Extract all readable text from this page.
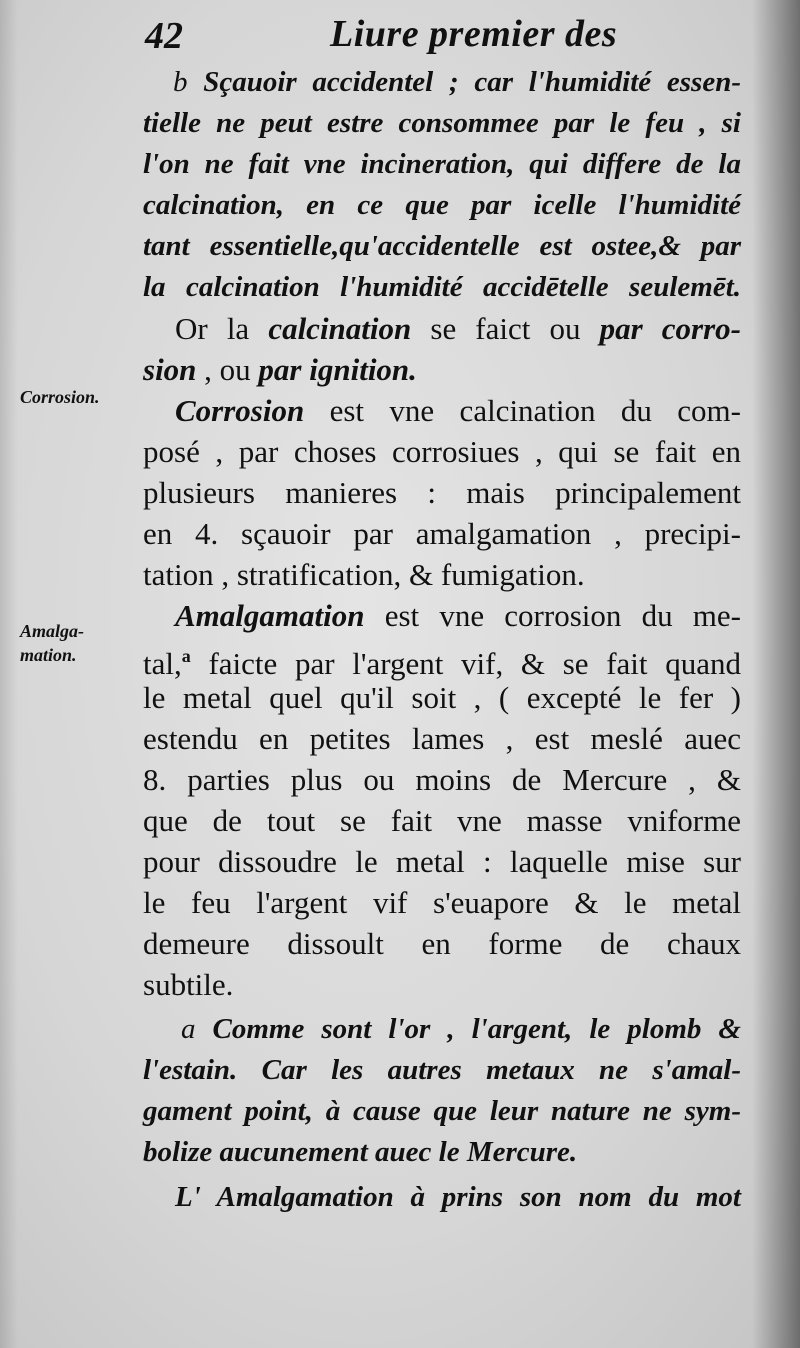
42	Liure premier des
Corrosion.
Amalga-
mation.
b Sçauoir accidentel ; car l'humidité essen-
tielle ne peut estre consommee par le feu , si
l'on ne fait vne incineration, qui differe de la
calcination, en ce que par icelle l'humidité
tant essentielle,qu'accidentelle est ostee,& par
la calcination l'humidité accidētelle seulemēt.
Or la calcination se faict ou par corro-
sion , ou par ignition.
Corrosion est vne calcination du com-
posé , par choses corrosiues , qui se fait en
plusieurs manieres : mais principalement
en 4. sçauoir par amalgamation , precipi-
tation , stratification, & fumigation.
Amalgamation est vne corrosion du me-
tal,$^a$ faicte par l'argent vif, & se fait quand
le metal quel qu'il soit , ( excepté le fer )
estendu en petites lames , est meslé auec
8. parties plus ou moins de Mercure , &
que de tout se fait vne masse vniforme
pour dissoudre le metal : laquelle mise sur
le feu l'argent vif s'euapore & le metal
demeure dissoult en forme de chaux
subtile.
a Comme sont l'or , l'argent, le plomb &
l'estain. Car les autres metaux ne s'amal-
gament point, à cause que leur nature ne sym-
bolize aucunement auec le Mercure.
L' Amalgamation à prins son nom du mot
